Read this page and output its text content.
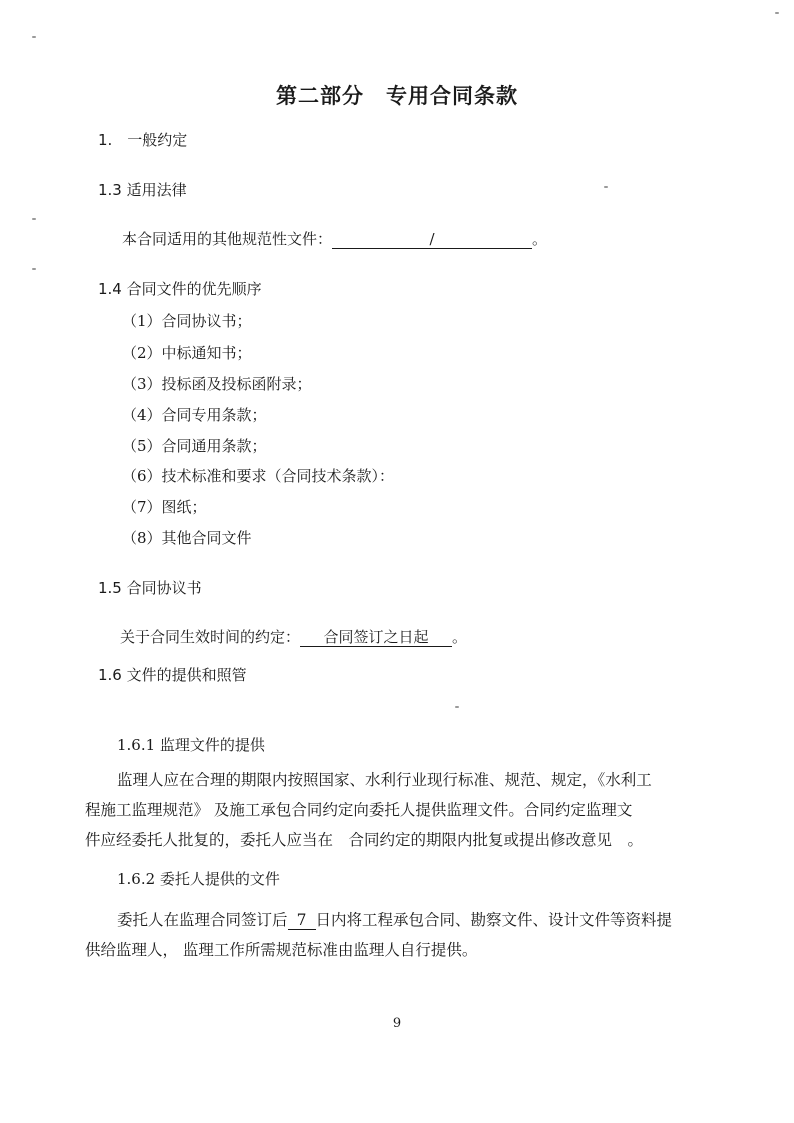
第二部分　专用合同条款
1.　一般约定
1.3 适用法律
本合同适用的其他规范性文件：	/	。
1.4 合同文件的优先顺序
（1）合同协议书；
（2）中标通知书；
（3）投标函及投标函附录；
（4）合同专用条款；
（5）合同通用条款；
（6）技术标准和要求（合同技术条款）：
（7）图纸；
（8）其他合同文件
1.5 合同协议书
关于合同生效时间的约定： 合同签订之日起 。
1.6 文件的提供和照管
1.6.1 监理文件的提供
监理人应在合理的期限内按照国家、水利行业现行标准、规范、规定，《水利工
程施工监理规范》 及施工承包合同约定向委托人提供监理文件。合同约定监理文
件应经委托人批复的，委托人应当在　合同约定的期限内批复或提出修改意见　。
1.6.2 委托人提供的文件
委托人在监理合同签订后 7 日内将工程承包合同、勘察文件、设计文件等资料提
供给监理人， 监理工作所需规范标准由监理人自行提供。
9
